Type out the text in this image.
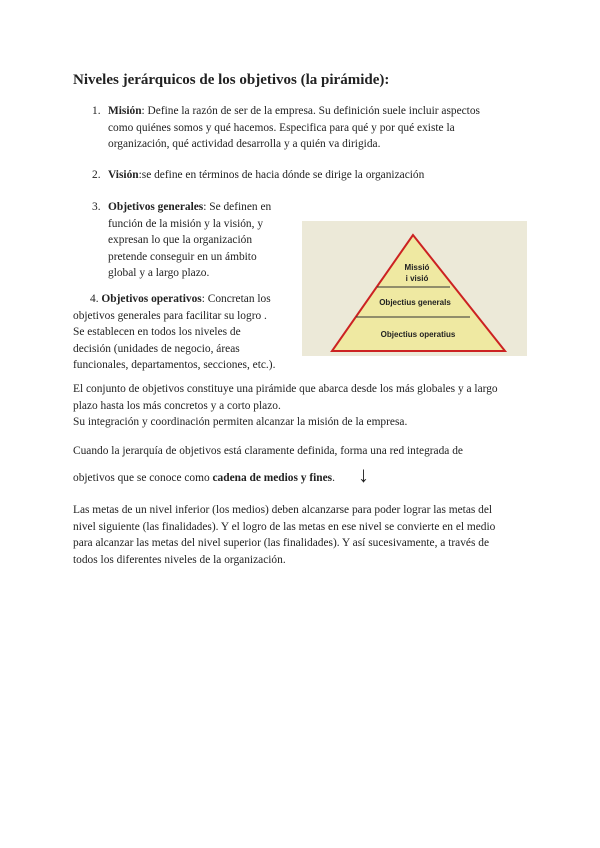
Niveles jerárquicos de los objetivos (la pirámide):
1. Misión: Define la razón de ser de la empresa. Su definición suele incluir aspectos
como quiénes somos y qué hacemos. Especifica para qué y por qué existe la
organización, qué actividad desarrolla y a quién va dirigida.
2. Visión:se define en términos de hacia dónde se dirige la organización
3. Objetivos generales: Se definen en
función de la misión y la visión, y
expresan lo que la organización
pretende conseguir en un ámbito
global y a largo plazo.
4. Objetivos operativos: Concretan los
objetivos generales para facilitar su logro .
Se establecen en todos los niveles de
decisión (unidades de negocio, áreas
funcionales, departamentos, secciones, etc.).
Missió
i visió
Objectius generals
Objectius operatius
El conjunto de objetivos constituye una pirámide que abarca desde los más globales y a largo
plazo hasta los más concretos y a corto plazo.
Su integración y coordinación permiten alcanzar la misión de la empresa.
Cuando la jerarquía de objetivos está claramente definida, forma una red integrada de
objetivos que se conoce como cadena de medios y fines.	↓
Las metas de un nivel inferior (los medios) deben alcanzarse para poder lograr las metas del
nivel siguiente (las finalidades). Y el logro de las metas en ese nivel se convierte en el medio
para alcanzar las metas del nivel superior (las finalidades). Y así sucesivamente, a través de
todos los diferentes niveles de la organización.
